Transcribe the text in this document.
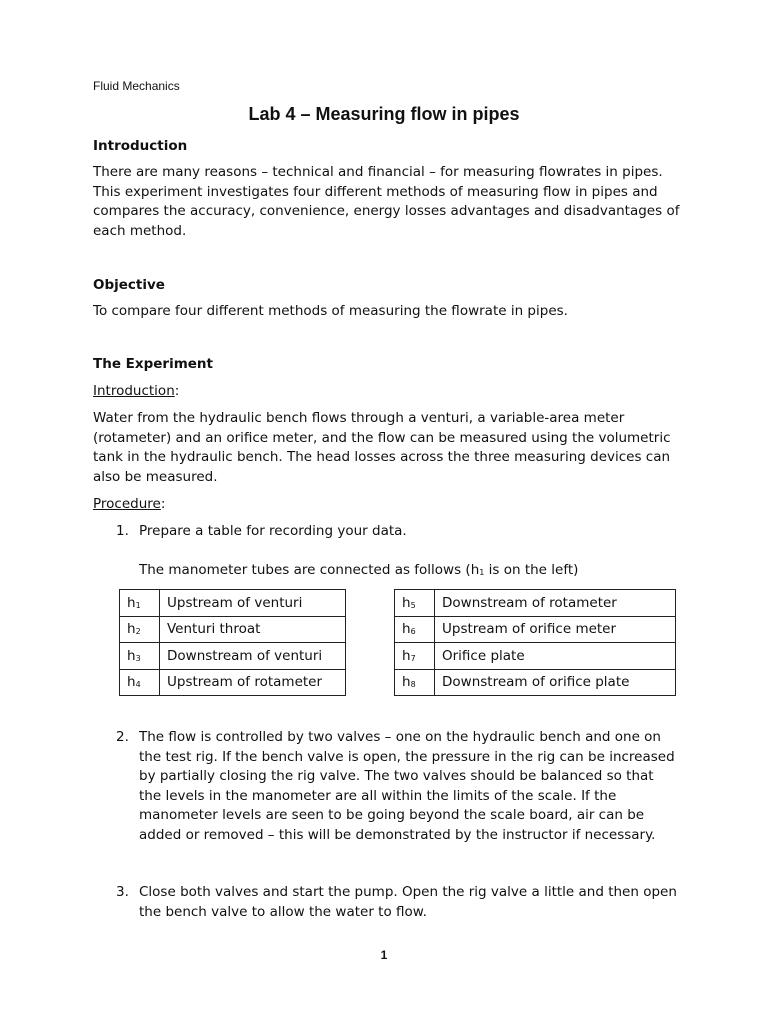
Fluid Mechanics
Lab 4 – Measuring flow in pipes
Introduction
There are many reasons – technical and financial – for measuring flowrates in pipes. This experiment investigates four different methods of measuring flow in pipes and compares the accuracy, convenience, energy losses advantages and disadvantages of each method.
Objective
To compare four different methods of measuring the flowrate in pipes.
The Experiment
Introduction:
Water from the hydraulic bench flows through a venturi, a variable-area meter (rotameter) and an orifice meter, and the flow can be measured using the volumetric tank in the hydraulic bench. The head losses across the three measuring devices can also be measured.
Procedure:
1. Prepare a table for recording your data.
The manometer tubes are connected as follows ($h_1$ is on the left)
$h_1$	Upstream of venturi
$h_2$	Venturi throat
$h_3$	Downstream of venturi
$h_4$	Upstream of rotameter
$h_5$	Downstream of rotameter
$h_6$	Upstream of orifice meter
$h_7$	Orifice plate
$h_8$	Downstream of orifice plate
2. The flow is controlled by two valves – one on the hydraulic bench and one on the test rig. If the bench valve is open, the pressure in the rig can be increased by partially closing the rig valve. The two valves should be balanced so that the levels in the manometer are all within the limits of the scale. If the manometer levels are seen to be going beyond the scale board, air can be added or removed – this will be demonstrated by the instructor if necessary.
3. Close both valves and start the pump. Open the rig valve a little and then open the bench valve to allow the water to flow.
1
